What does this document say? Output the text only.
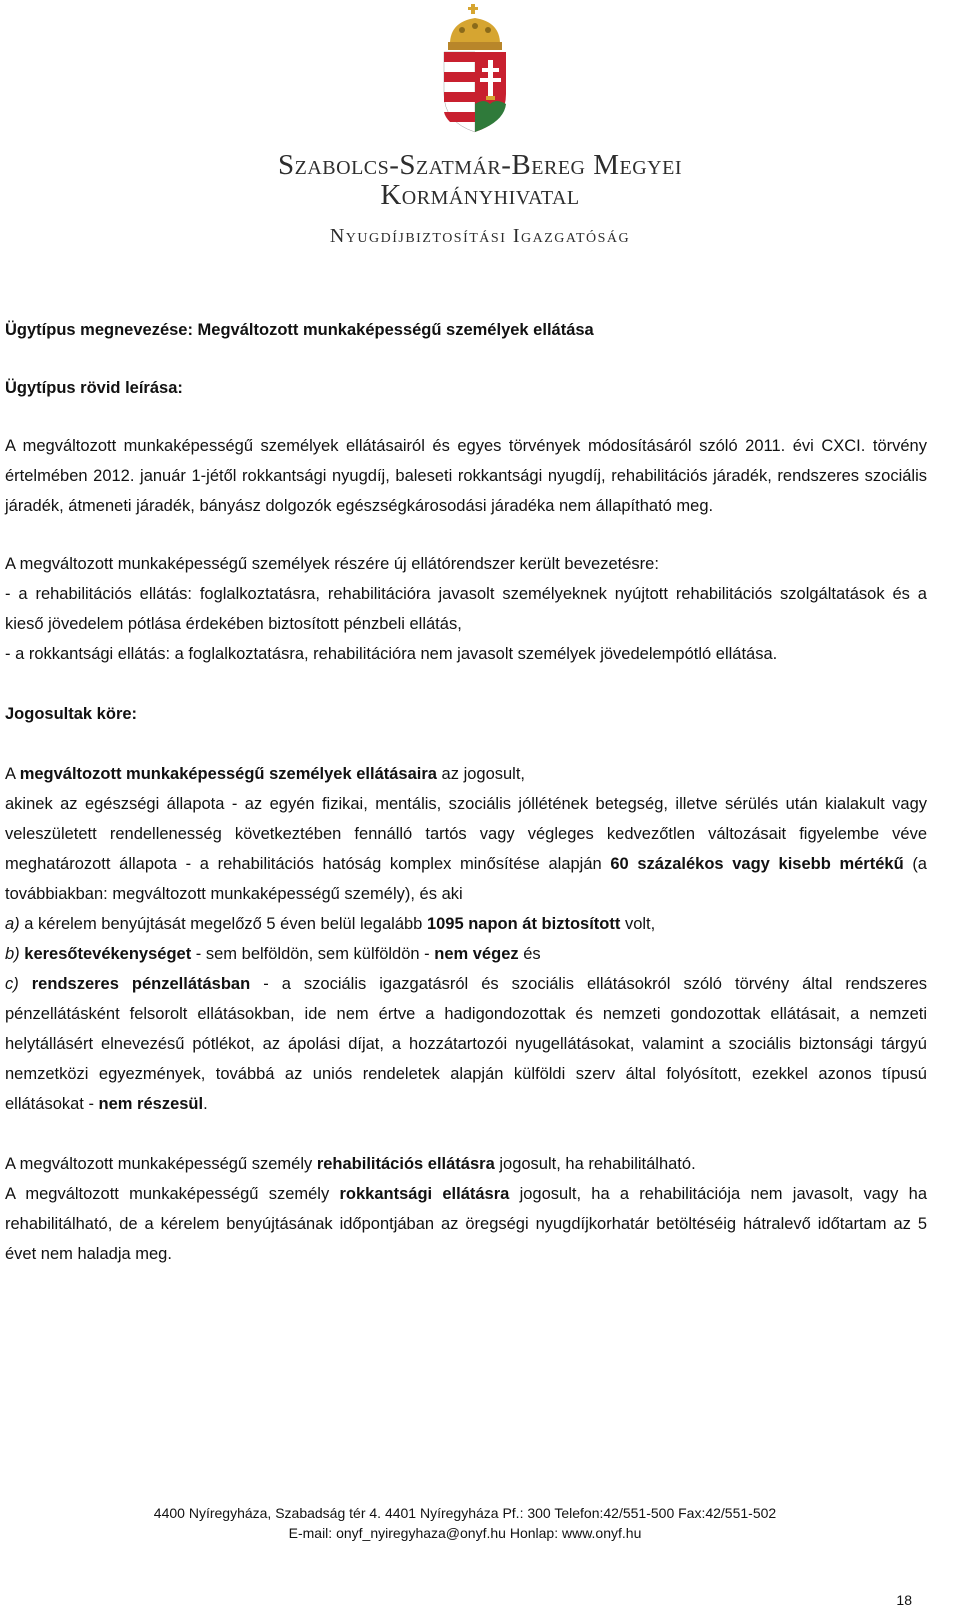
Szabolcs-Szatmár-Bereg Megyei
Kormányhivatal
Nyugdíjbiztosítási Igazgatóság

Ügytípus megnevezése: Megváltozott munkaképességű személyek ellátása

Ügytípus rövid leírása:

A megváltozott munkaképességű személyek ellátásairól és egyes törvények módosításáról szóló 2011. évi CXCI. törvény értelmében 2012. január 1-jétől rokkantsági nyugdíj, baleseti rokkantsági nyugdíj, rehabilitációs járadék, rendszeres szociális járadék, átmeneti járadék, bányász dolgozók egészségkárosodási járadéka nem állapítható meg.

A megváltozott munkaképességű személyek részére új ellátórendszer került bevezetésre:

- a rehabilitációs ellátás: foglalkoztatásra, rehabilitációra javasolt személyeknek nyújtott rehabilitációs szolgáltatások és a kieső jövedelem pótlása érdekében biztosított pénzbeli ellátás,

- a rokkantsági ellátás: a foglalkoztatásra, rehabilitációra nem javasolt személyek jövedelempótló ellátása.

Jogosultak köre:

A megváltozott munkaképességű személyek ellátásaira az jogosult,

akinek az egészségi állapota - az egyén fizikai, mentális, szociális jóllétének betegség, illetve sérülés után kialakult vagy veleszületett rendellenesség következtében fennálló tartós vagy végleges kedvezőtlen változásait figyelembe véve meghatározott állapota - a rehabilitációs hatóság komplex minősítése alapján 60 százalékos vagy kisebb mértékű (a továbbiakban: megváltozott munkaképességű személy), és aki

a) a kérelem benyújtását megelőző 5 éven belül legalább 1095 napon át biztosított volt,

b) keresőtevékenységet - sem belföldön, sem külföldön - nem végez és

c) rendszeres pénzellátásban - a szociális igazgatásról és szociális ellátásokról szóló törvény által rendszeres pénzellátásként felsorolt ellátásokban, ide nem értve a hadigondozottak és nemzeti gondozottak ellátásait, a nemzeti helytállásért elnevezésű pótlékot, az ápolási díjat, a hozzátartozói nyugellátásokat, valamint a szociális biztonsági tárgyú nemzetközi egyezmények, továbbá az uniós rendeletek alapján külföldi szerv által folyósított, ezekkel azonos típusú ellátásokat - nem részesül.

A megváltozott munkaképességű személy rehabilitációs ellátásra jogosult, ha rehabilitálható.

A megváltozott munkaképességű személy rokkantsági ellátásra jogosult, ha a rehabilitációja nem javasolt, vagy ha rehabilitálható, de a kérelem benyújtásának időpontjában az öregségi nyugdíjkorhatár betöltéséig hátralevő időtartam az 5 évet nem haladja meg.

4400 Nyíregyháza, Szabadság tér 4. 4401 Nyíregyháza Pf.: 300 Telefon:42/551-500 Fax:42/551-502
E-mail: onyf_nyiregyhaza@onyf.hu Honlap: www.onyf.hu
18
